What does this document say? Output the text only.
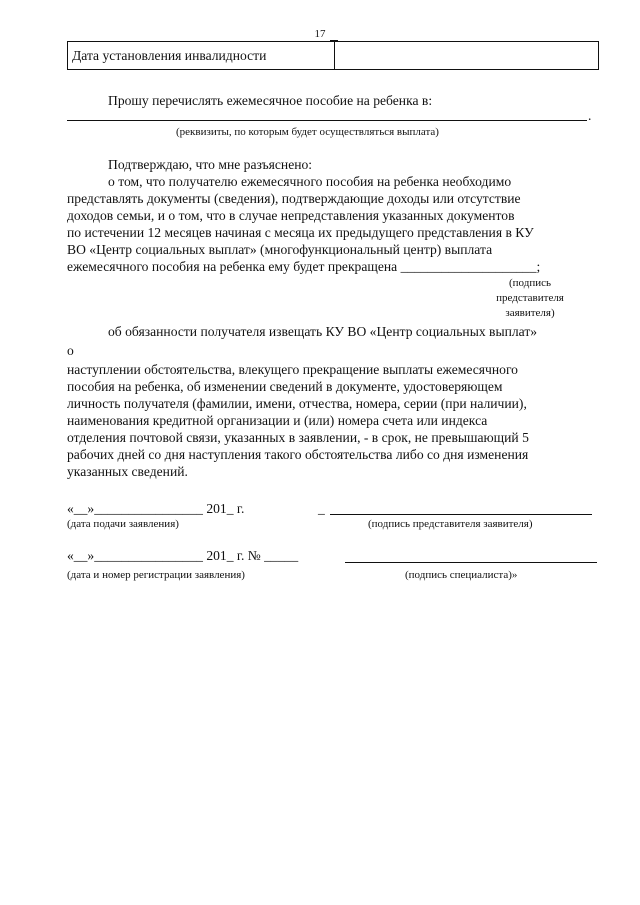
17
Дата установления инвалидности	
Прошу перечислять ежемесячное пособие на ребенка в:
.
(реквизиты, по которым будет осуществляться выплата)
Подтверждаю, что мне разъяснено:
о том, что получателю ежемесячного пособия на ребенка необходимо
представлять документы (сведения), подтверждающие доходы или отсутствие
доходов семьи, и о том, что в случае непредставления указанных документов
по истечении 12 месяцев начиная с месяца их предыдущего представления в КУ
ВО «Центр социальных выплат» (многофункциональный центр) выплата
ежемесячного пособия на ребенка ему будет прекращена ____________________;
(подпись
представителя
заявителя)
об обязанности получателя извещать КУ ВО «Центр социальных выплат»
о
наступлении обстоятельства, влекущего прекращение выплаты ежемесячного
пособия на ребенка, об изменении сведений в документе, удостоверяющем
личность получателя (фамилии, имени, отчества, номера, серии (при наличии),
наименования кредитной организации и (или) номера счета или индекса
отделения почтовой связи, указанных в заявлении, - в срок, не превышающий 5
рабочих дней со дня наступления такого обстоятельства либо со дня изменения
указанных сведений.
«__»________________ 201_ г.
(дата подачи заявления)
_
(подпись представителя заявителя)
«__»________________ 201_ г. № _____
(дата и номер регистрации заявления)	(подпись специалиста)»
